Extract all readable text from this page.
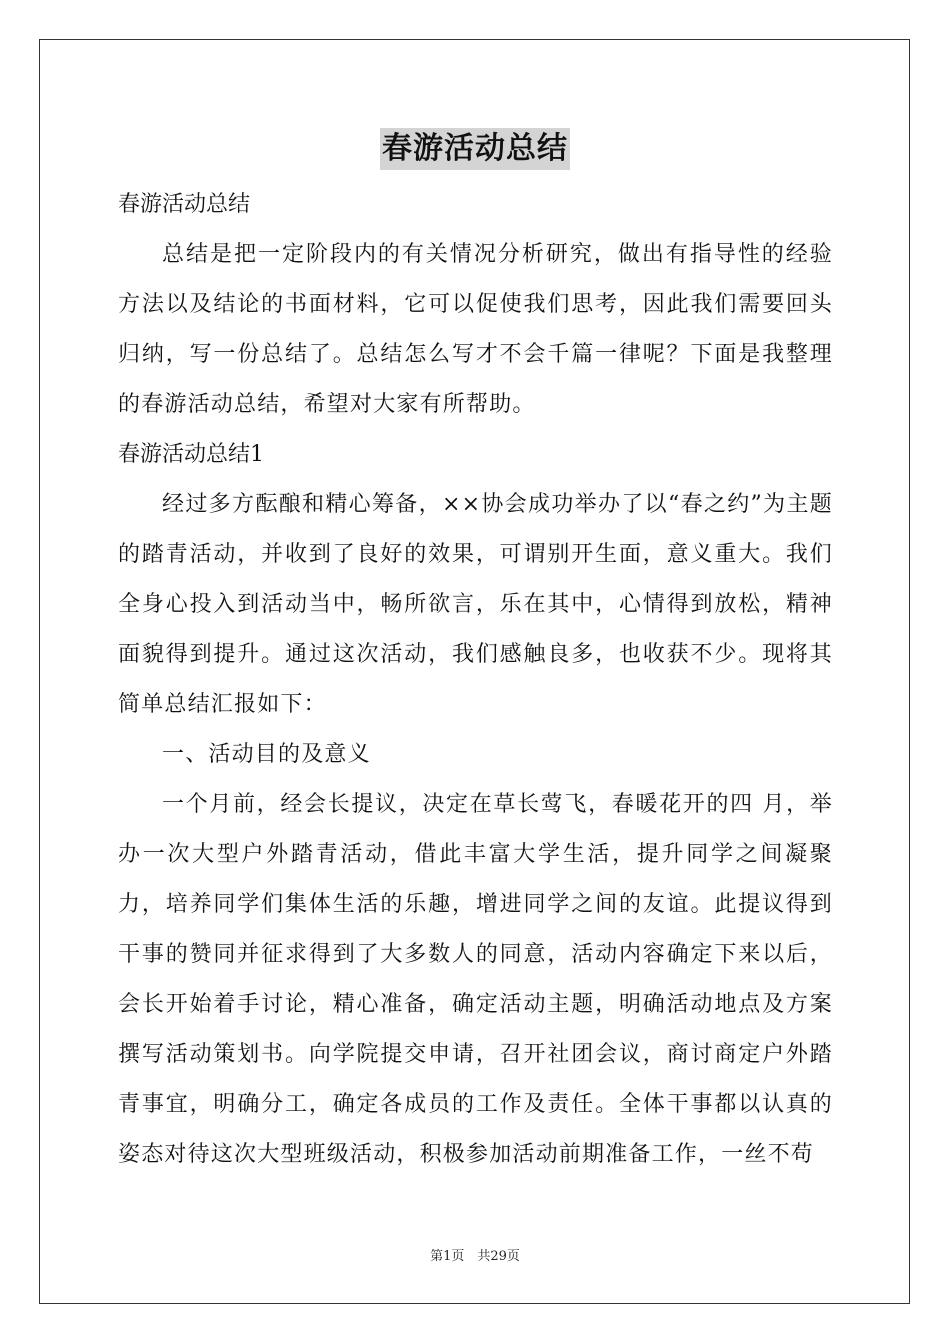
春游活动总结
春游活动总结
总结是把一定阶段内的有关情况分析研究，做出有指导性的经验方法以及结论的书面材料，它可以促使我们思考，因此我们需要回头归纳，写一份总结了。总结怎么写才不会千篇一律呢？下面是我整理的春游活动总结，希望对大家有所帮助。
春游活动总结1
经过多方酝酿和精心筹备，××协会成功举办了以“春之约”为主题的踏青活动，并收到了良好的效果，可谓别开生面，意义重大。我们全身心投入到活动当中，畅所欲言，乐在其中，心情得到放松，精神面貌得到提升。通过这次活动，我们感触良多，也收获不少。现将其简单总结汇报如下：
一、活动目的及意义
一个月前，经会长提议，决定在草长莺飞，春暖花开的四 月，举办一次大型户外踏青活动，借此丰富大学生活，提升同学之间凝聚力，培养同学们集体生活的乐趣，增进同学之间的友谊。此提议得到干事的赞同并征求得到了大多数人的同意，活动内容确定下来以后，会长开始着手讨论，精心准备，确定活动主题，明确活动地点及方案撰写活动策划书。向学院提交申请，召开社团会议，商讨商定户外踏青事宜，明确分工，确定各成员的工作及责任。全体干事都以认真的姿态对待这次大型班级活动，积极参加活动前期准备工作，一丝不苟
第1页　共29页
